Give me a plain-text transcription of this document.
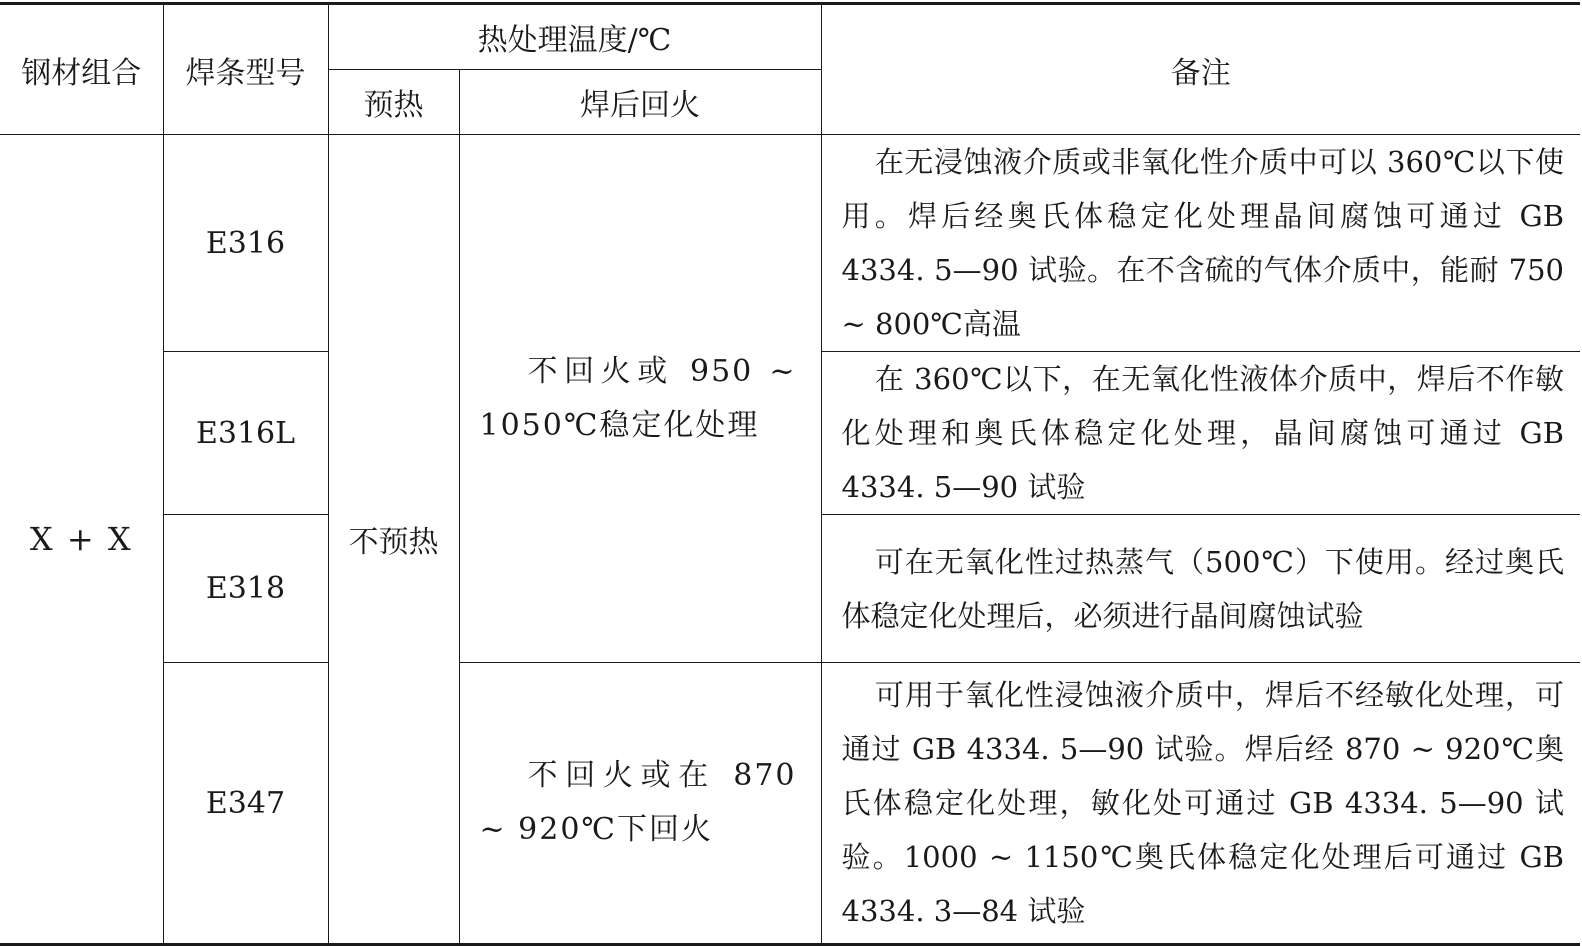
钢材组合	焊条型号	热处理温度/℃		备注
		预热	焊后回火	
X + X	E316	不预热	不回火或 950 ~ 1050℃稳定化处理	在无浸蚀液介质或非氧化性介质中可以 360℃以下使用。焊后经奥氏体稳定化处理晶间腐蚀可通过 GB 4334. 5—90 试验。在不含硫的气体介质中，能耐 750 ~ 800℃高温
	E316L			在 360℃以下，在无氧化性液体介质中，焊后不作敏化处理和奥氏体稳定化处理，晶间腐蚀可通过 GB 4334. 5—90 试验
	E318			可在无氧化性过热蒸气（500℃）下使用。经过奥氏体稳定化处理后，必须进行晶间腐蚀试验
	E347		不回火或在 870 ~ 920℃下回火	可用于氧化性浸蚀液介质中，焊后不经敏化处理，可通过 GB 4334. 5—90 试验。焊后经 870 ~ 920℃奥氏体稳定化处理，敏化处可通过 GB 4334. 5—90 试验。1000 ~ 1150℃奥氏体稳定化处理后可通过 GB 4334. 3—84 试验
